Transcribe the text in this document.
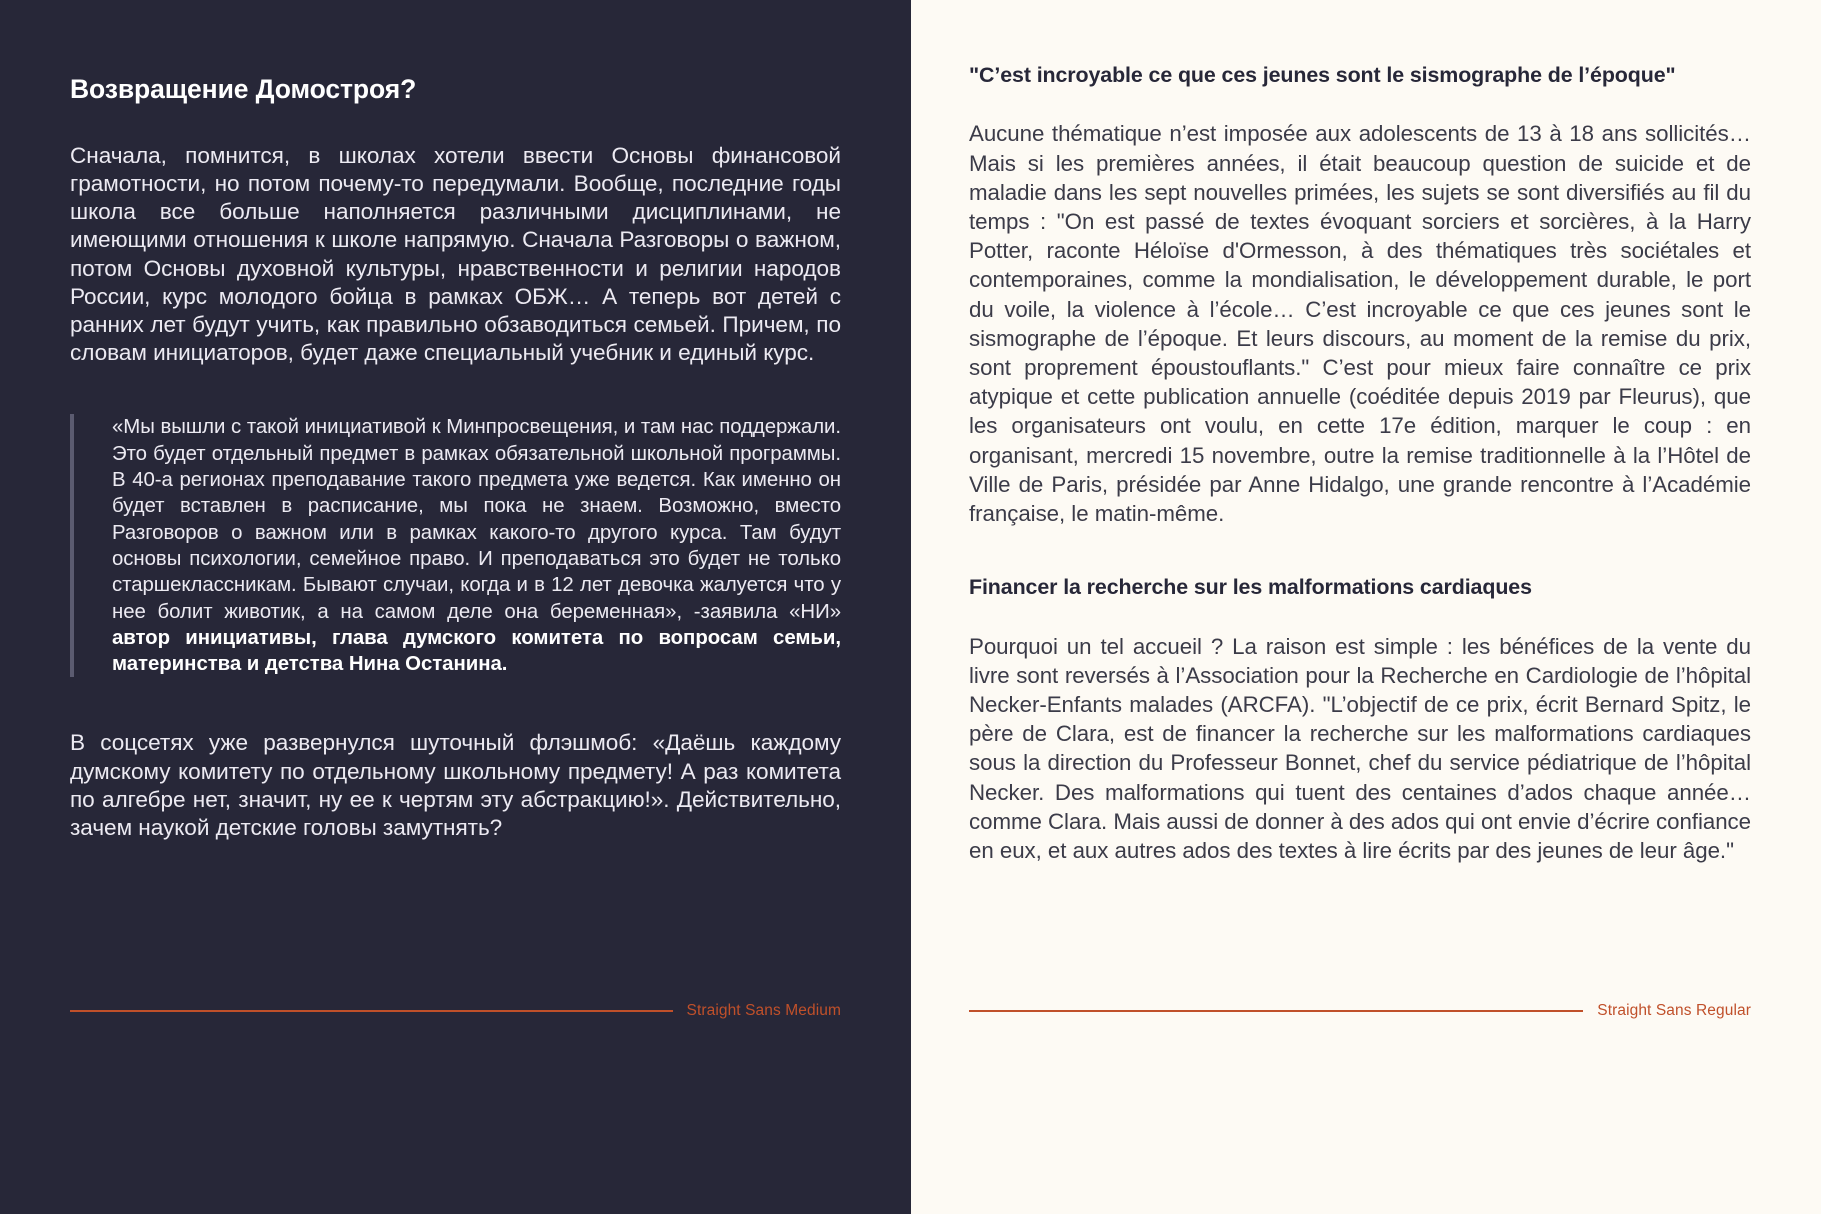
Возвращение Домостроя?

Сначала, помнится, в школах хотели ввести Основы финансовой грамотности, но потом почему-то передумали. Вообще, последние годы школа все больше наполняется различными дисциплинами, не имеющими отношения к школе напрямую. Сначала Разговоры о важном, потом Основы духовной культуры, нравственности и религии народов России, курс молодого бойца в рамках ОБЖ… А теперь вот детей с ранних лет будут учить, как правильно обзаводиться семьей. Причем, по словам инициаторов, будет даже специальный учебник и единый курс.

«Мы вышли с такой инициативой к Минпросвещения, и там нас поддержали. Это будет отдельный предмет в рамках обязательной школьной программы. В 40-а регионах преподавание такого предмета уже ведется. Как именно он будет вставлен в расписание, мы пока не знаем. Возможно, вместо Разговоров о важном или в рамках какого-то другого курса. Там будут основы психологии, семейное право. И преподаваться это будет не только старшеклассникам. Бывают случаи, когда и в 12 лет девочка жалуется что у нее болит животик, а на самом деле она беременная», -заявила «НИ» автор инициативы, глава думского комитета по вопросам семьи, материнства и детства Нина Останина.

В соцсетях уже развернулся шуточный флэшмоб: «Даёшь каждому думскому комитету по отдельному школьному предмету! А раз комитета по алгебре нет, значит, ну ее к чертям эту абстракцию!». Действительно, зачем наукой детские головы замутнять?

Straight Sans Medium
"C’est incroyable ce que ces jeunes sont le sismographe de l’époque"

Aucune thématique n’est imposée aux adolescents de 13 à 18 ans sollicités… Mais si les premières années, il était beaucoup question de suicide et de maladie dans les sept nouvelles primées, les sujets se sont diversifiés au fil du temps : "On est passé de textes évoquant sorciers et sorcières, à la Harry Potter, raconte Héloïse d'Ormesson, à des thématiques très sociétales et contemporaines, comme la mondialisation, le développement durable, le port du voile, la violence à l’école… C’est incroyable ce que ces jeunes sont le sismographe de l’époque. Et leurs discours, au moment de la remise du prix, sont proprement époustouflants." C’est pour mieux faire connaître ce prix atypique et cette publication annuelle (coéditée depuis 2019 par Fleurus), que les organisateurs ont voulu, en cette 17e édition, marquer le coup : en organisant, mercredi 15 novembre, outre la remise traditionnelle à la l’Hôtel de Ville de Paris, présidée par Anne Hidalgo, une grande rencontre à l’Académie française, le matin-même.

Financer la recherche sur les malformations cardiaques

Pourquoi un tel accueil ? La raison est simple : les bénéfices de la vente du livre sont reversés à l’Association pour la Recherche en Cardiologie de l’hôpital Necker-Enfants malades (ARCFA). "L’objectif de ce prix, écrit Bernard Spitz, le père de Clara, est de financer la recherche sur les malformations cardiaques sous la direction du Professeur Bonnet, chef du service pédiatrique de l’hôpital Necker. Des malformations qui tuent des centaines d’ados chaque année… comme Clara. Mais aussi de donner à des ados qui ont envie d’écrire confiance en eux, et aux autres ados des textes à lire écrits par des jeunes de leur âge."

Straight Sans Regular
